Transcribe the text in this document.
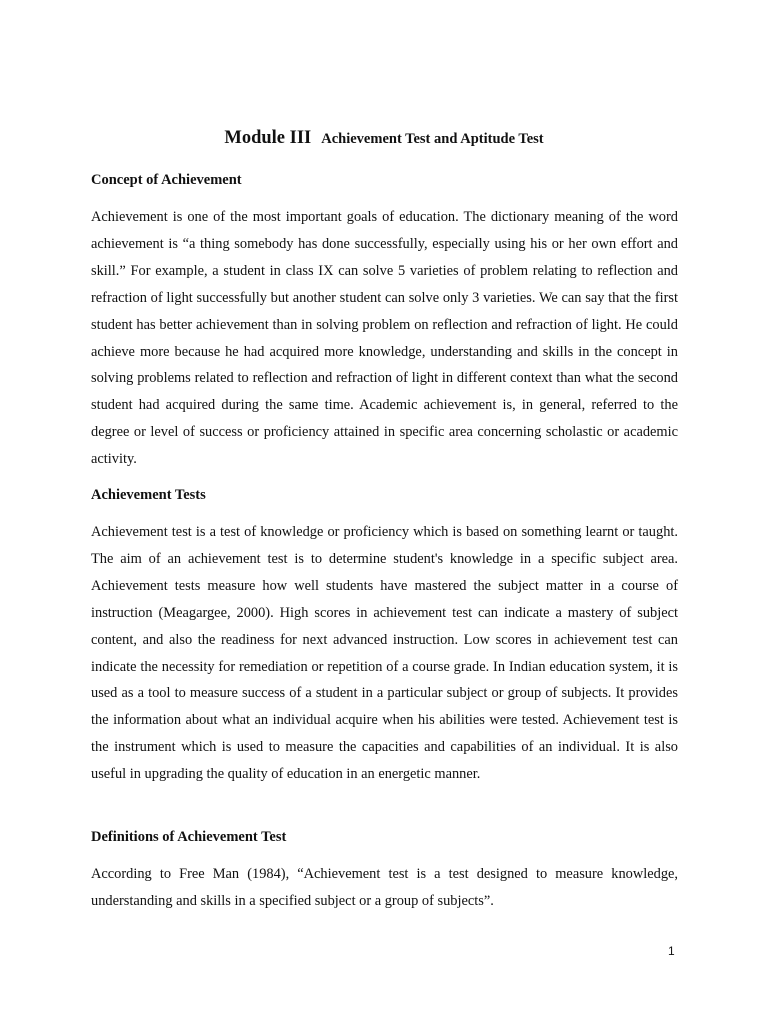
Module III Achievement Test and Aptitude Test
Concept of Achievement

Achievement is one of the most important goals of education. The dictionary meaning of the word achievement is “a thing somebody has done successfully, especially using his or her own effort and skill.” For example, a student in class IX can solve 5 varieties of problem relating to reflection and refraction of light successfully but another student can solve only 3 varieties. We can say that the first student has better achievement than in solving problem on reflection and refraction of light. He could achieve more because he had acquired more knowledge, understanding and skills in the concept in solving problems related to reflection and refraction of light in different context than what the second student had acquired during the same time. Academic achievement is, in general, referred to the degree or level of success or proficiency attained in specific area concerning scholastic or academic activity.

Achievement Tests

Achievement test is a test of knowledge or proficiency which is based on something learnt or taught. The aim of an achievement test is to determine student's knowledge in a specific subject area. Achievement tests measure how well students have mastered the subject matter in a course of instruction (Meagargee, 2000). High scores in achievement test can indicate a mastery of subject content, and also the readiness for next advanced instruction. Low scores in achievement test can indicate the necessity for remediation or repetition of a course grade. In Indian education system, it is used as a tool to measure success of a student in a particular subject or group of subjects. It provides the information about what an individual acquire when his abilities were tested. Achievement test is the instrument which is used to measure the capacities and capabilities of an individual. It is also useful in upgrading the quality of education in an energetic manner.

Definitions of Achievement Test

According to Free Man (1984), “Achievement test is a test designed to measure knowledge, understanding and skills in a specified subject or a group of subjects”.

1
